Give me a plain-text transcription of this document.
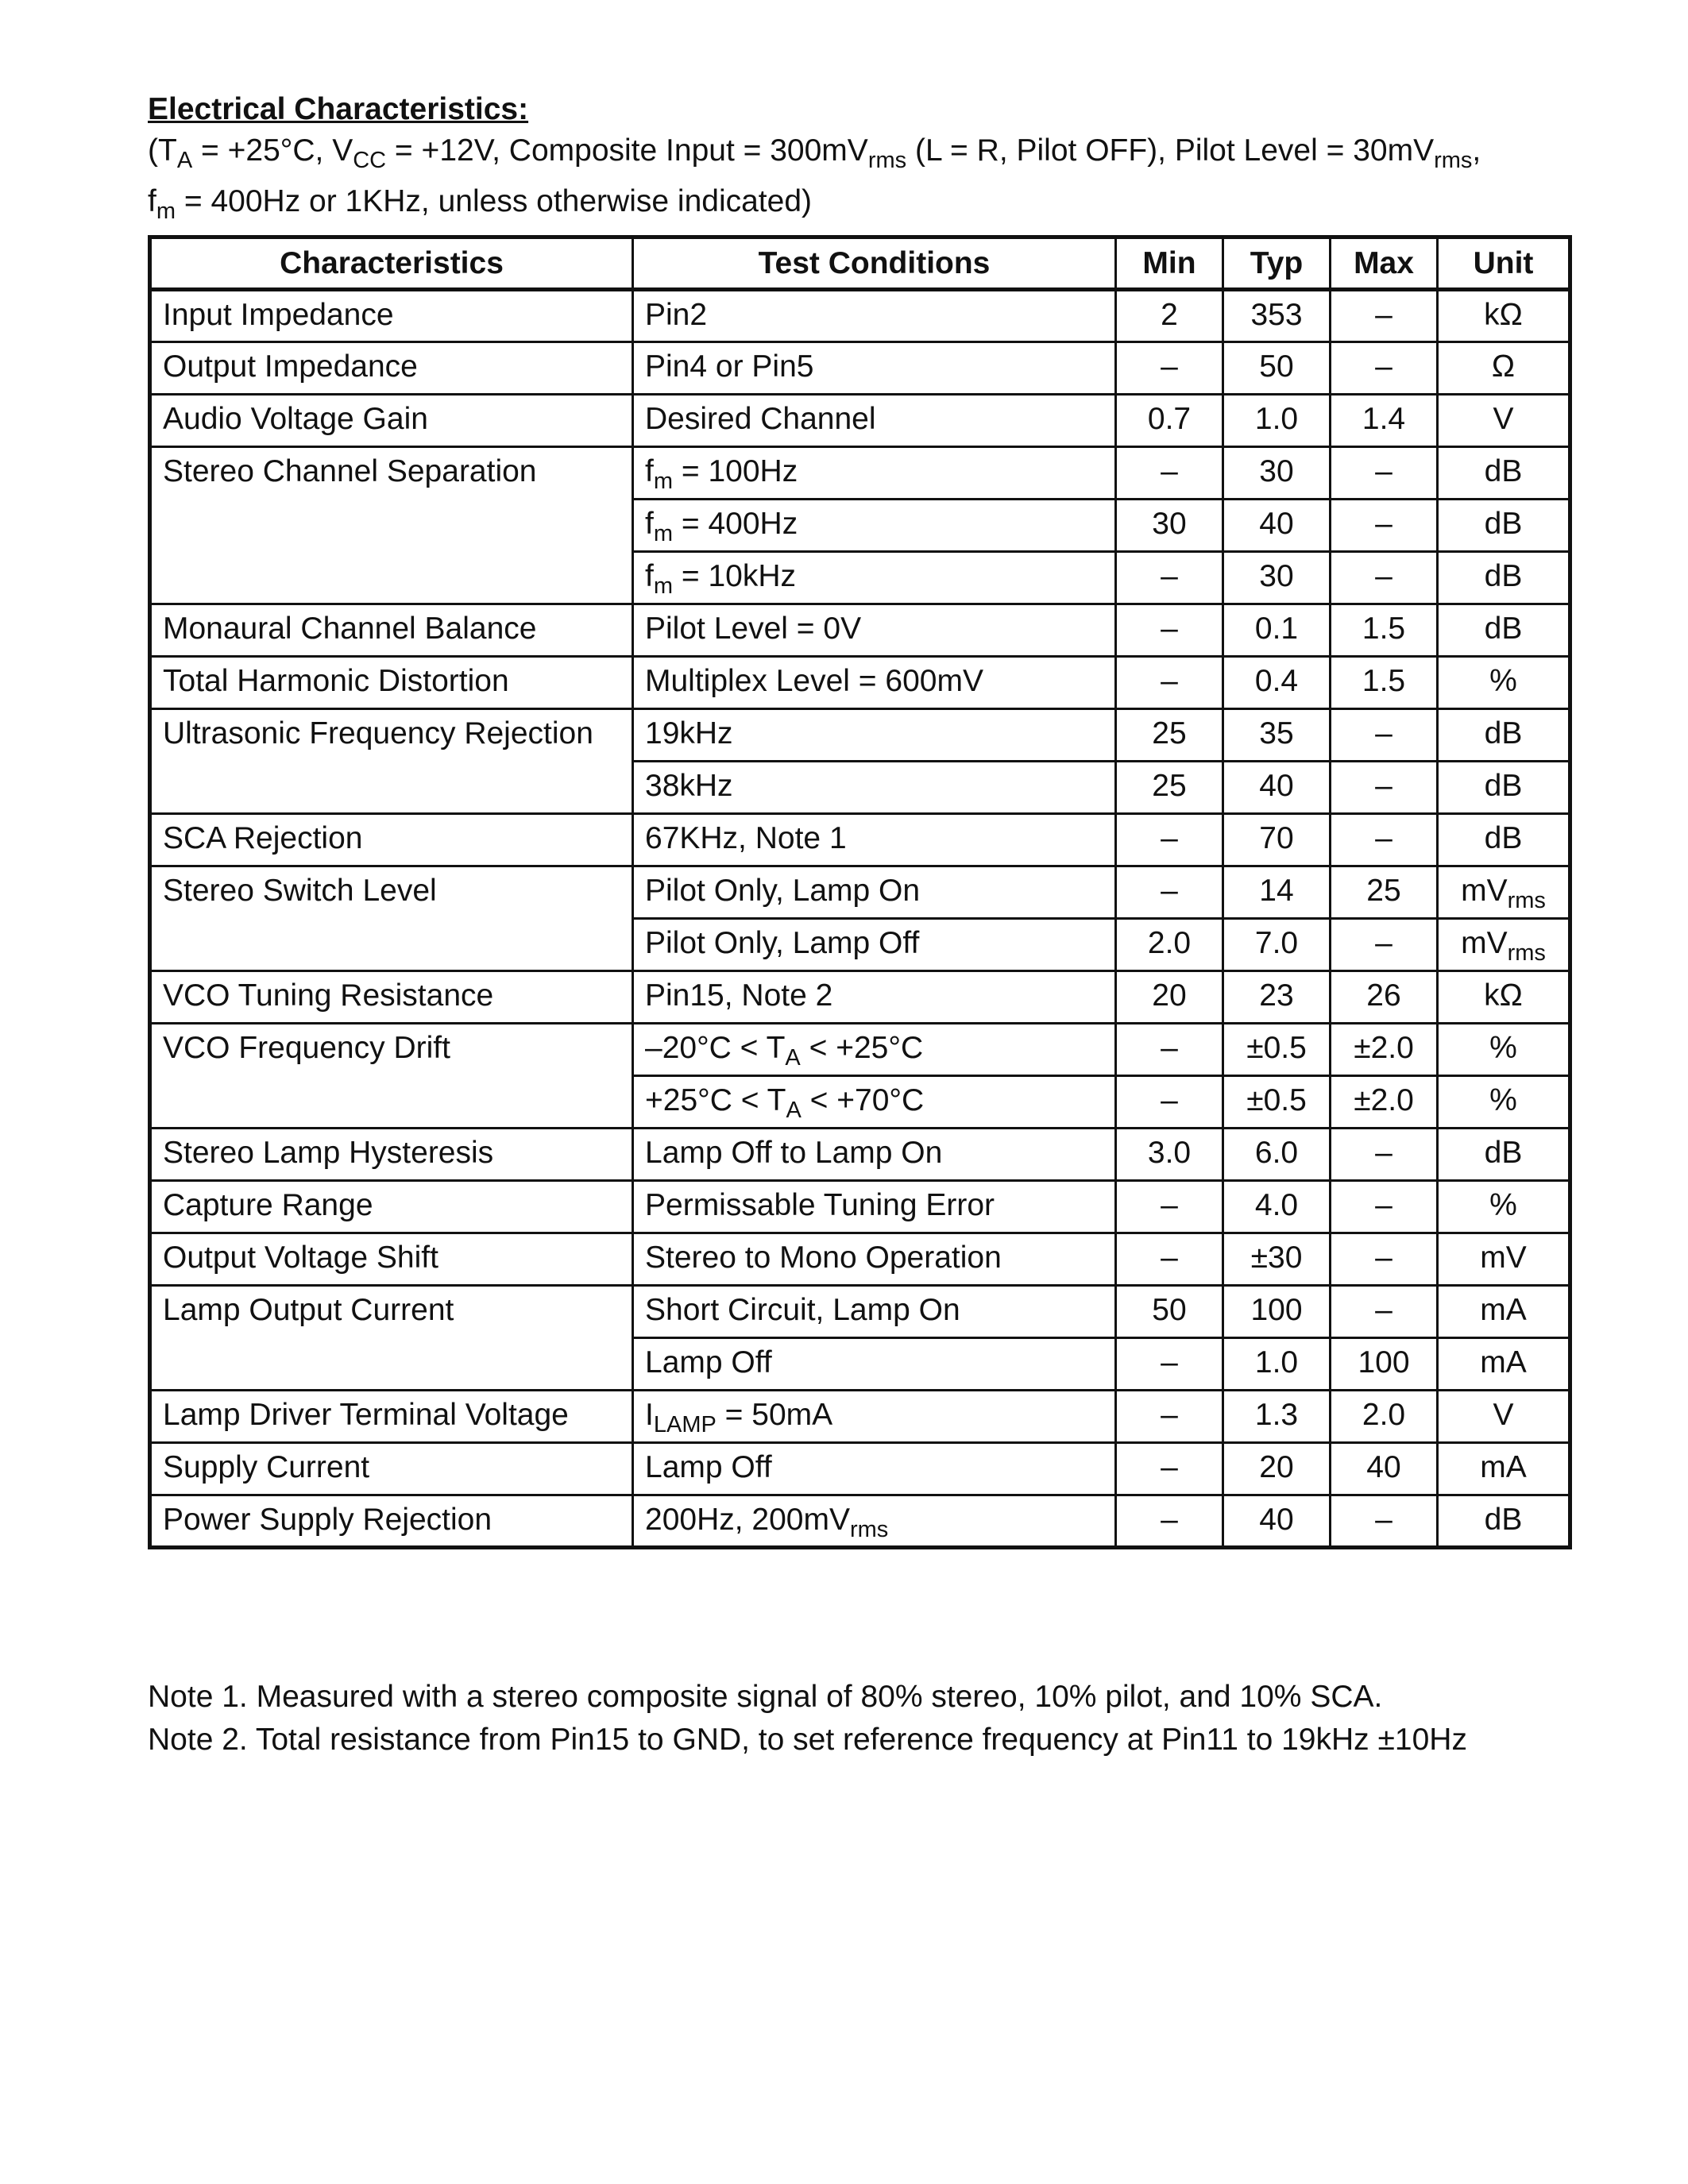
Electrical Characteristics:
($T_A = +25^\circ C$, $V_{CC} = +12V$, Composite Input = $300mV_{rms}$ (L = R, Pilot OFF), Pilot Level = $30mV_{rms}$,
$f_m = 400Hz$ or 1KHz, unless otherwise indicated)
Characteristics	Test Conditions	Min	Typ	Max	Unit
Input Impedance	Pin2	2	353	–	kΩ
Output Impedance	Pin4 or Pin5	–	50	–	Ω
Audio Voltage Gain	Desired Channel	0.7	1.0	1.4	V
Stereo Channel Separation	$f_m = 100Hz$	–	30	–	dB
	$f_m = 400Hz$	30	40	–	dB
	$f_m = 10kHz$	–	30	–	dB
Monaural Channel Balance	Pilot Level = 0V	–	0.1	1.5	dB
Total Harmonic Distortion	Multiplex Level = 600mV	–	0.4	1.5	%
Ultrasonic Frequency Rejection	19kHz	25	35	–	dB
	38kHz	25	40	–	dB
SCA Rejection	67KHz, Note 1	–	70	–	dB
Stereo Switch Level	Pilot Only, Lamp On	–	14	25	$mV_{rms}$
	Pilot Only, Lamp Off	2.0	7.0	–	$mV_{rms}$
VCO Tuning Resistance	Pin15, Note 2	20	23	26	kΩ
VCO Frequency Drift	$-20^\circ C < T_A < +25^\circ C$	–	±0.5	±2.0	%
	$+25^\circ C < T_A < +70^\circ C$	–	±0.5	±2.0	%
Stereo Lamp Hysteresis	Lamp Off to Lamp On	3.0	6.0	–	dB
Capture Range	Permissable Tuning Error	–	4.0	–	%
Output Voltage Shift	Stereo to Mono Operation	–	±30	–	mV
Lamp Output Current	Short Circuit, Lamp On	50	100	–	mA
	Lamp Off	–	1.0	100	mA
Lamp Driver Terminal Voltage	$I_{LAMP} = 50mA$	–	1.3	2.0	V
Supply Current	Lamp Off	–	20	40	mA
Power Supply Rejection	200Hz, $200mV_{rms}$	–	40	–	dB
Note 1. Measured with a stereo composite signal of 80% stereo, 10% pilot, and 10% SCA.
Note 2. Total resistance from Pin15 to GND, to set reference frequency at Pin11 to 19kHz ±10Hz
